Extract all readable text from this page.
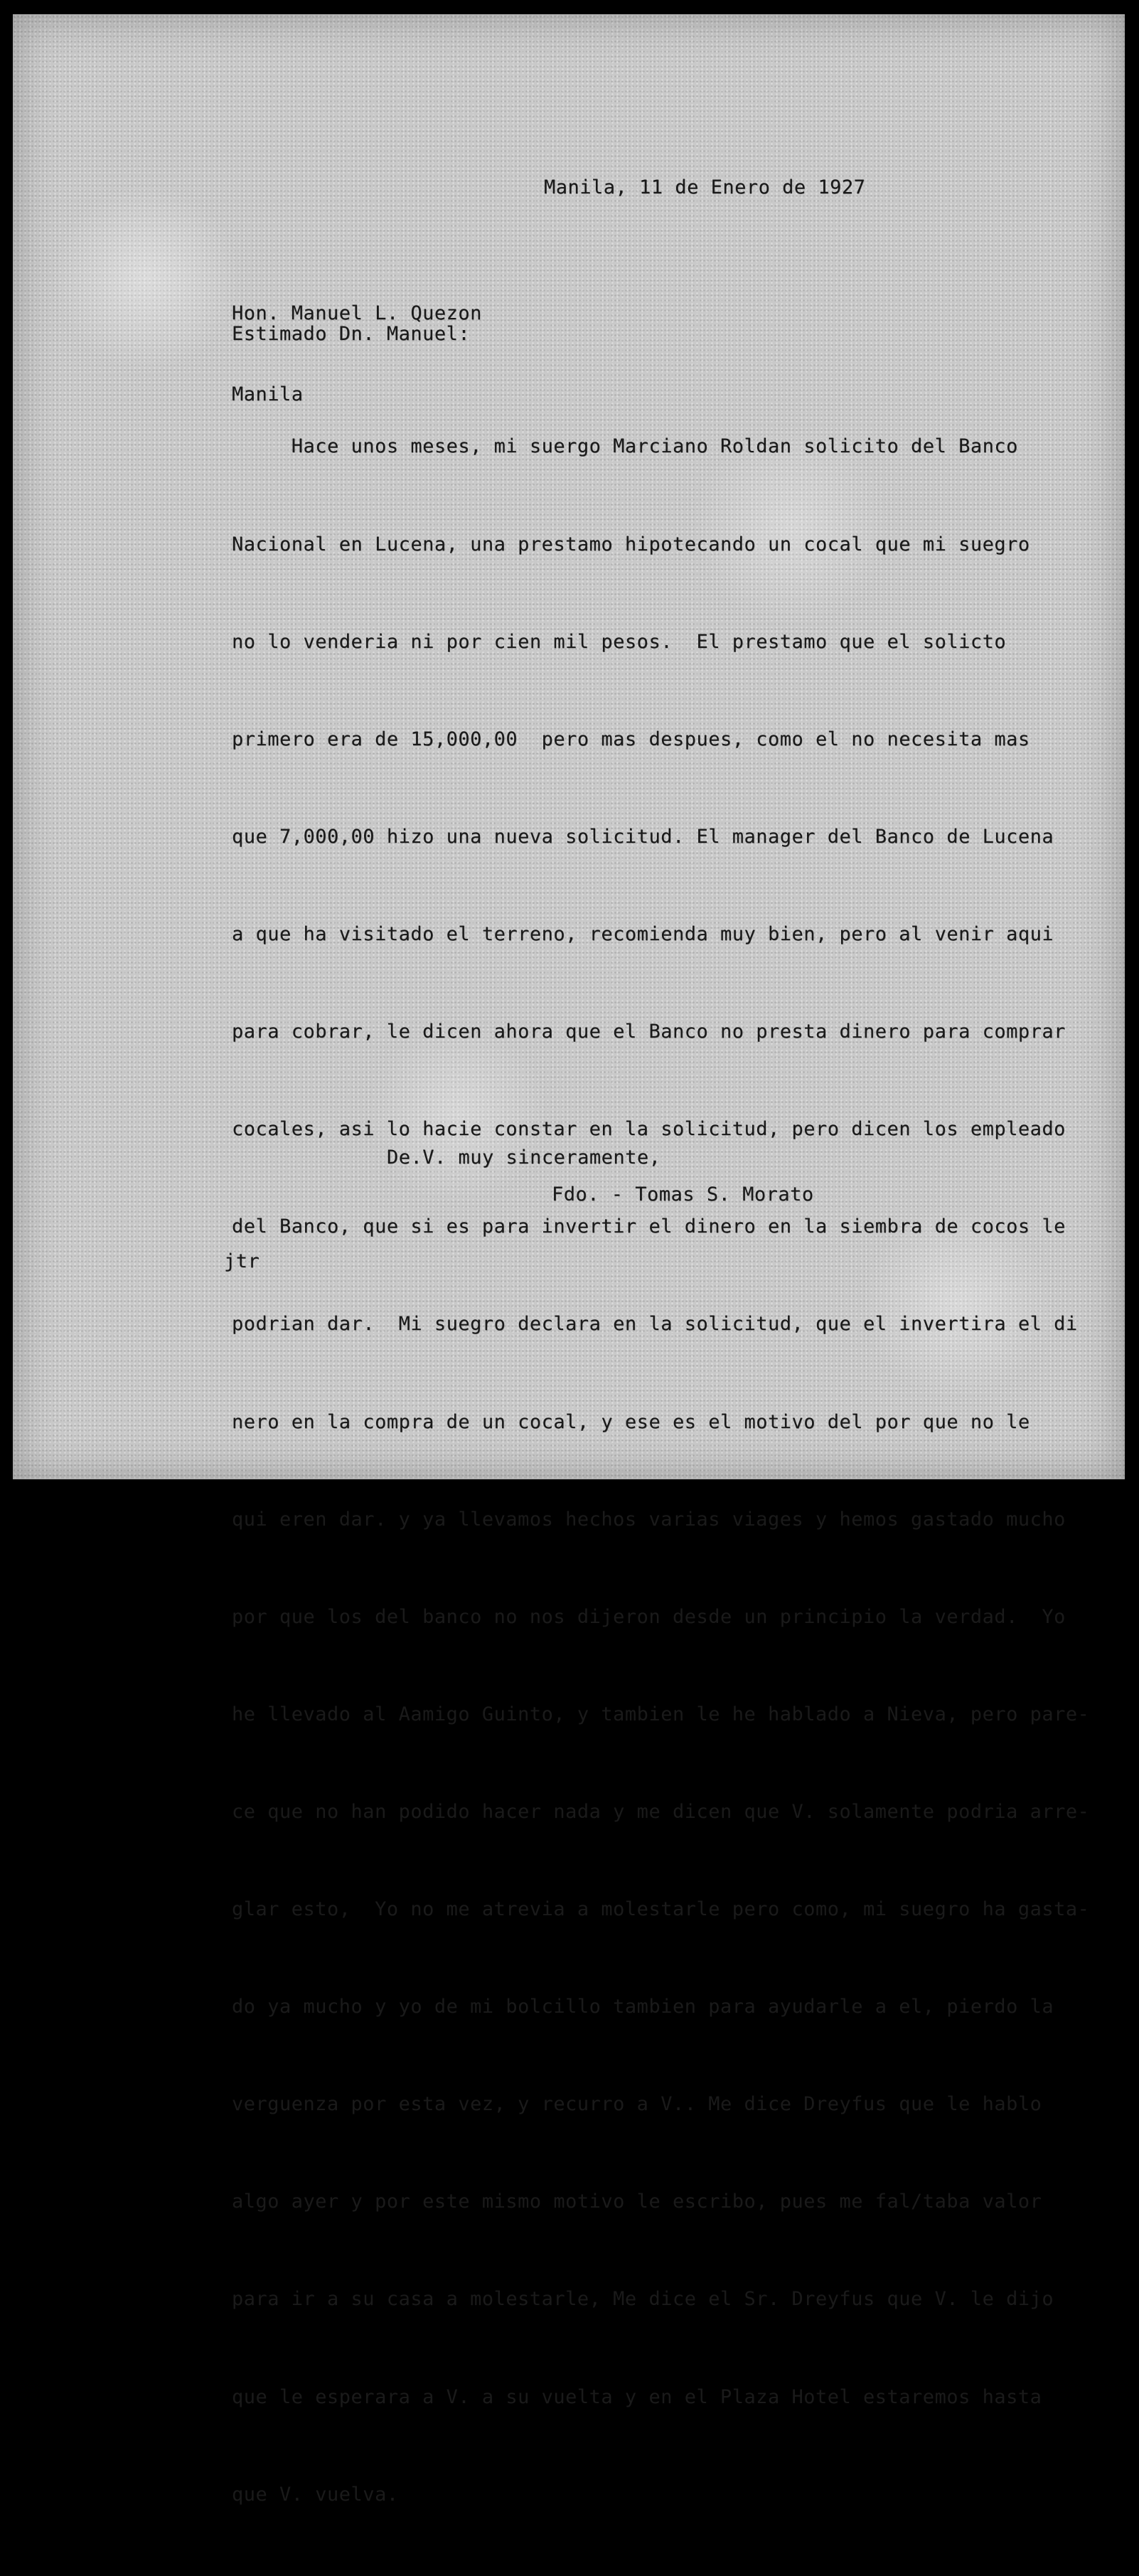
Manila, 11 de Enero de 1927

Hon. Manuel L. Quezon

Manila

Estimado Dn. Manuel:

Hace unos meses, mi suergo Marciano Roldan solicito del Banco

Nacional en Lucena, una prestamo hipotecando un cocal que mi suegro

no lo venderia ni por cien mil pesos.  El prestamo que el solicto

primero era de 15,000,00  pero mas despues, como el no necesita mas

que 7,000,00 hizo una nueva solicitud. El manager del Banco de Lucena

a que ha visitado el terreno, recomienda muy bien, pero al venir aqui

para cobrar, le dicen ahora que el Banco no presta dinero para comprar

cocales, asi lo hacie constar en la solicitud, pero dicen los empleado

del Banco, que si es para invertir el dinero en la siembra de cocos le

podrian dar.  Mi suegro declara en la solicitud, que el invertira el di

nero en la compra de un cocal, y ese es el motivo del por que no le

qui eren dar. y ya llevamos hechos varias viages y hemos gastado mucho

por que los del banco no nos dijeron desde un principio la verdad.  Yo

he llevado al Aamigo Guinto, y tambien le he hablado a Nieva, pero pare-

ce que no han podido hacer nada y me dicen que V. solamente podria arre-

glar esto,  Yo no me atrevia a molestarle pero como, mi suegro ha gasta-

do ya mucho y yo de mi bolcillo tambien para ayudarle a el, pierdo la

verguenza por esta vez, y recurro a V.. Me dice Dreyfus que le hablo

algo ayer y por este mismo motivo le escribo, pues me fal/taba valor

para ir a su casa a molestarle, Me dice el Sr. Dreyfus que V. le dijo

que le esperara a V. a su vuelta y en el Plaza Hotel estaremos hasta

que V. vuelva.

De.V. muy sinceramente,
Fdo. - Tomas S. Morato
jtr
